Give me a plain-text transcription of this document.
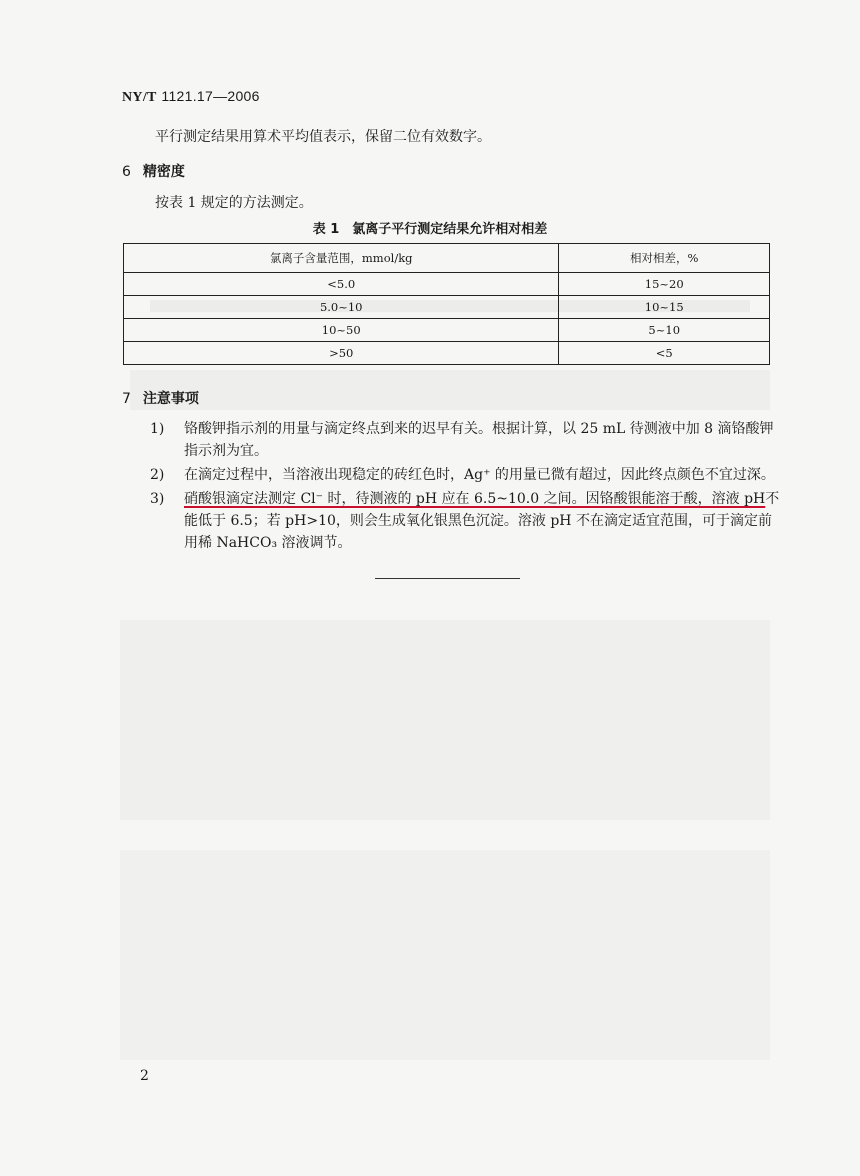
NY/T 1121.17—2006
平行测定结果用算术平均值表示，保留二位有效数字。
6 精密度
按表 1 规定的方法测定。
表 1　氯离子平行测定结果允许相对相差
氯离子含量范围，mmol/kg	相对相差，%
<5.0	15~20
5.0~10	10~15
10~50	5~10
>50	<5
7 注意事项
1)	铬酸钾指示剂的用量与滴定终点到来的迟早有关。根据计算，以 25 mL 待测液中加 8 滴铬酸钾指示剂为宜。
2)	在滴定过程中，当溶液出现稳定的砖红色时，Ag⁺ 的用量已微有超过，因此终点颜色不宜过深。
3)	硝酸银滴定法测定 Cl⁻ 时，待测液的 pH 应在 6.5~10.0 之间。因铬酸银能溶于酸，溶液 pH不能低于 6.5；若 pH>10，则会生成氧化银黑色沉淀。溶液 pH 不在滴定适宜范围，可于滴定前用稀 NaHCO₃ 溶液调节。
2
